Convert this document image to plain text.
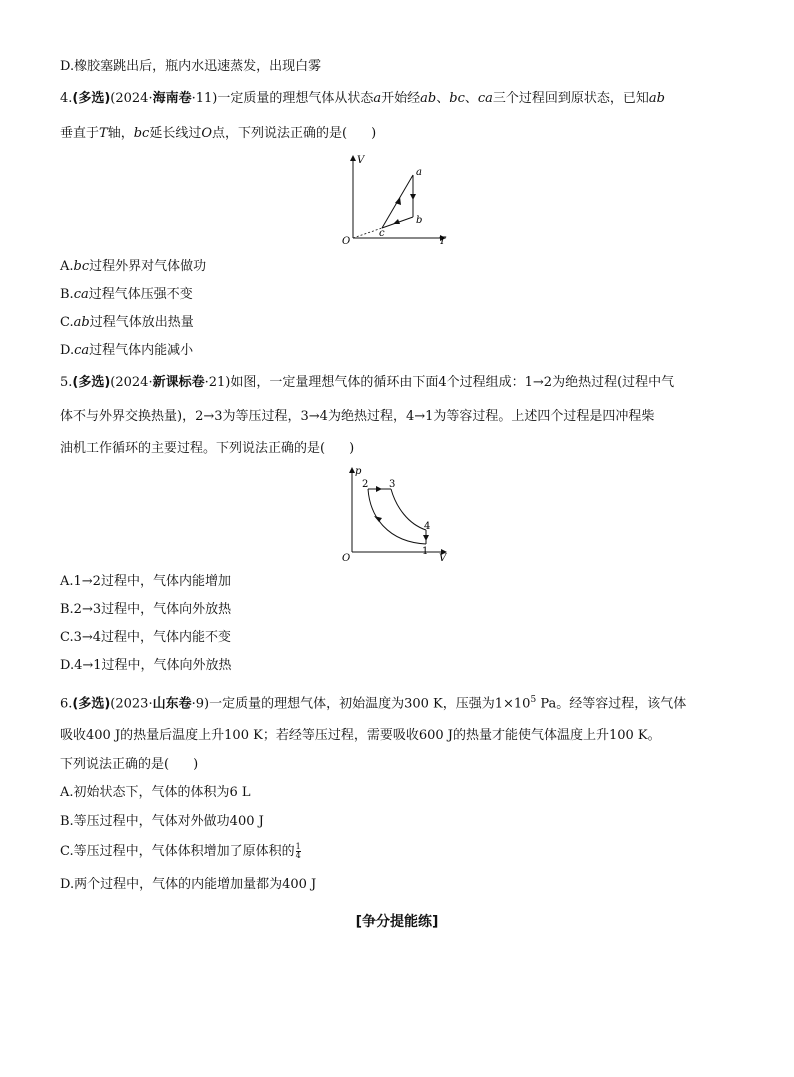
D.橡胶塞跳出后，瓶内水迅速蒸发，出现白雾
4.(多选)(2024·海南卷·11)一定质量的理想气体从状态a开始经ab、bc、ca三个过程回到原状态，已知ab
垂直于T轴，bc延长线过O点，下列说法正确的是( )
V
T
O
a
b
c
A.bc过程外界对气体做功
B.ca过程气体压强不变
C.ab过程气体放出热量
D.ca过程气体内能减小
5.(多选)(2024·新课标卷·21)如图，一定量理想气体的循环由下面4个过程组成：1→2为绝热过程(过程中气
体不与外界交换热量)，2→3为等压过程，3→4为绝热过程，4→1为等容过程。上述四个过程是四冲程柴
油机工作循环的主要过程。下列说法正确的是( )
p
V
O
1
2 3
4
A.1→2过程中，气体内能增加
B.2→3过程中，气体向外放热
C.3→4过程中，气体内能不变
D.4→1过程中，气体向外放热
6.(多选)(2023·山东卷·9)一定质量的理想气体，初始温度为300 K，压强为$1\times 10^5$ Pa。经等容过程，该气体
吸收400 J的热量后温度上升100 K；若经等压过程，需要吸收600 J的热量才能使气体温度上升100 K。
下列说法正确的是( )
A.初始状态下，气体的体积为6 L
B.等压过程中，气体对外做功400 J
C.等压过程中，气体体积增加了原体积的 $\frac{1}{4}$
D.两个过程中，气体的内能增加量都为400 J
[争分提能练]
